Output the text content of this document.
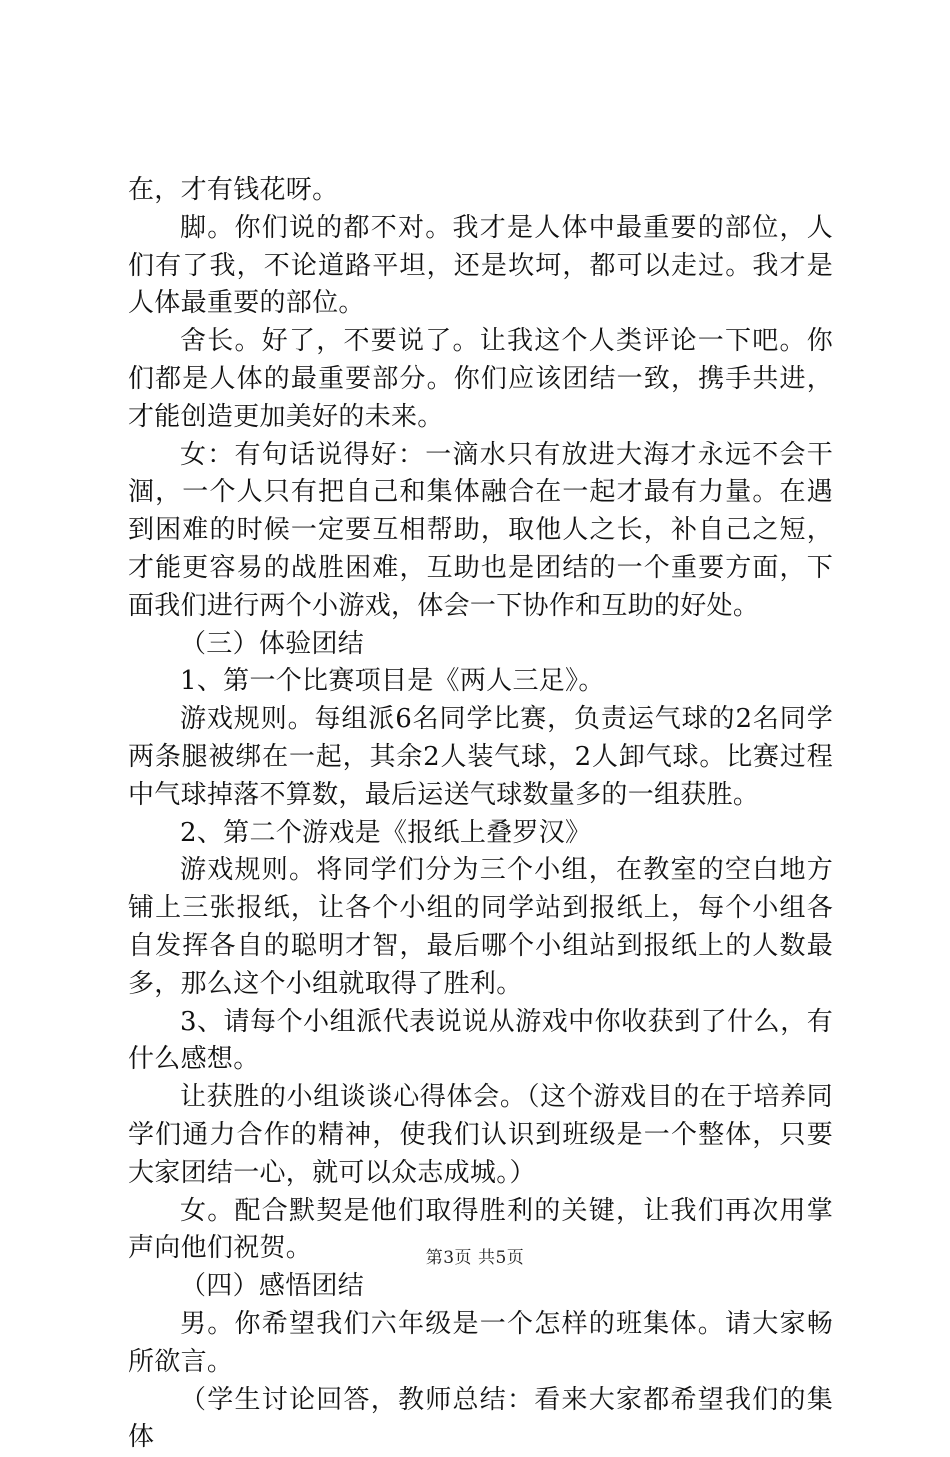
在，才有钱花呀。

脚。你们说的都不对。我才是人体中最重要的部位，人们有了我，不论道路平坦，还是坎坷，都可以走过。我才是人体最重要的部位。

舍长。好了，不要说了。让我这个人类评论一下吧。你们都是人体的最重要部分。你们应该团结一致，携手共进，才能创造更加美好的未来。

女：有句话说得好：一滴水只有放进大海才永远不会干涸，一个人只有把自己和集体融合在一起才最有力量。在遇到困难的时候一定要互相帮助，取他人之长，补自己之短，才能更容易的战胜困难，互助也是团结的一个重要方面，下面我们进行两个小游戏，体会一下协作和互助的好处。

（三）体验团结

1、第一个比赛项目是《两人三足》。

游戏规则。每组派6名同学比赛，负责运气球的2名同学两条腿被绑在一起，其余2人装气球，2人卸气球。比赛过程中气球掉落不算数，最后运送气球数量多的一组获胜。

2、第二个游戏是《报纸上叠罗汉》

游戏规则。将同学们分为三个小组，在教室的空白地方铺上三张报纸，让各个小组的同学站到报纸上，每个小组各自发挥各自的聪明才智，最后哪个小组站到报纸上的人数最多，那么这个小组就取得了胜利。

3、请每个小组派代表说说从游戏中你收获到了什么，有什么感想。

让获胜的小组谈谈心得体会。（这个游戏目的在于培养同学们通力合作的精神，使我们认识到班级是一个整体，只要大家团结一心，就可以众志成城。）

女。配合默契是他们取得胜利的关键，让我们再次用掌声向他们祝贺。

（四）感悟团结

男。你希望我们六年级是一个怎样的班集体。请大家畅所欲言。

（学生讨论回答，教师总结：看来大家都希望我们的集体

第3页 共5页
